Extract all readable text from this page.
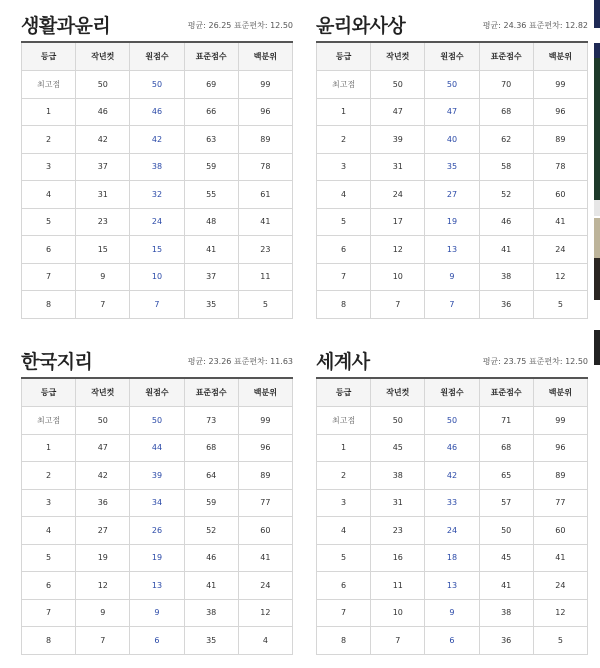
생활과윤리	평균: 26.25 표준편차: 12.50
등급	작년컷	원점수	표준점수	백분위
최고점	50	50	69	99
1	46	46	66	96
2	42	42	63	89
3	37	38	59	78
4	31	32	55	61
5	23	24	48	41
6	15	15	41	23
7	9	10	37	11
8	7	7	35	5
윤리와사상	평균: 24.36 표준편차: 12.82
등급	작년컷	원점수	표준점수	백분위
최고점	50	50	70	99
1	47	47	68	96
2	39	40	62	89
3	31	35	58	78
4	24	27	52	60
5	17	19	46	41
6	12	13	41	24
7	10	9	38	12
8	7	7	36	5
한국지리	평균: 23.26 표준편차: 11.63
등급	작년컷	원점수	표준점수	백분위
최고점	50	50	73	99
1	47	44	68	96
2	42	39	64	89
3	36	34	59	77
4	27	26	52	60
5	19	19	46	41
6	12	13	41	24
7	9	9	38	12
8	7	6	35	4
세계사	평균: 23.75 표준편차: 12.50
등급	작년컷	원점수	표준점수	백분위
최고점	50	50	71	99
1	45	46	68	96
2	38	42	65	89
3	31	33	57	77
4	23	24	50	60
5	16	18	45	41
6	11	13	41	24
7	10	9	38	12
8	7	6	36	5
